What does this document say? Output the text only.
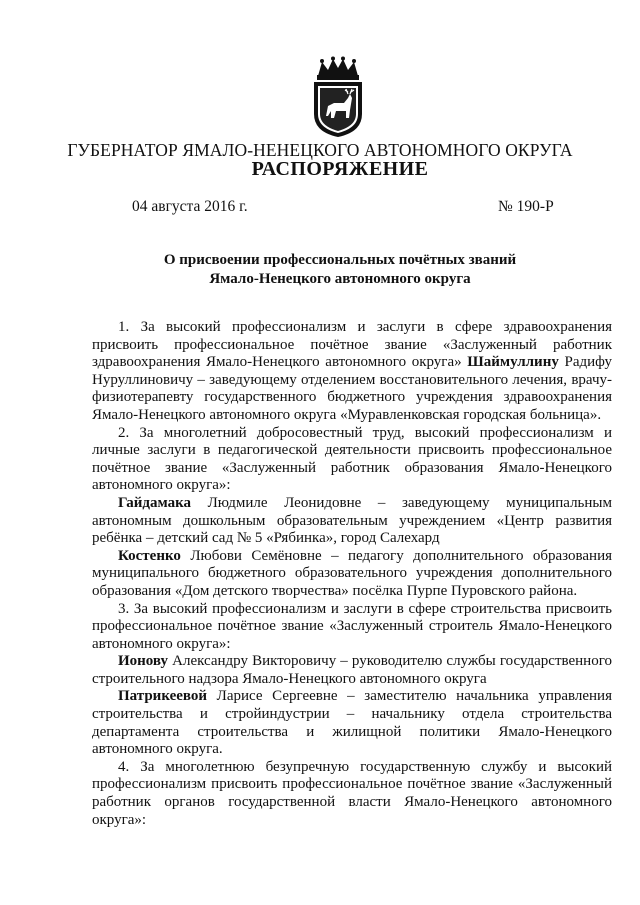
ГУБЕРНАТОР ЯМАЛО-НЕНЕЦКОГО АВТОНОМНОГО ОКРУГА
РАСПОРЯЖЕНИЕ
04 августа 2016 г.	№ 190-Р
О присвоении профессиональных почётных званий
Ямало-Ненецкого автономного округа

1. За высокий профессионализм и заслуги в сфере здравоохранения присвоить профессиональное почётное звание «Заслуженный работник здравоохранения Ямало-Ненецкого автономного округа» Шаймуллину Радифу Нуруллиновичу – заведующему отделением восстановительного лечения, врачу-физиотерапевту государственного бюджетного учреждения здравоохранения Ямало-Ненецкого автономного округа «Муравленковская городская больница».

2. За многолетний добросовестный труд, высокий профессионализм и личные заслуги в педагогической деятельности присвоить профессиональное почётное звание «Заслуженный работник образования Ямало-Ненецкого автономного округа»:

Гайдамака Людмиле Леонидовне – заведующему муниципальным автономным дошкольным образовательным учреждением «Центр развития ребёнка – детский сад № 5 «Рябинка», город Салехард

Костенко Любови Семёновне – педагогу дополнительного образования муниципального бюджетного образовательного учреждения дополнительного образования «Дом детского творчества» посёлка Пурпе Пуровского района.

3. За высокий профессионализм и заслуги в сфере строительства присвоить профессиональное почётное звание «Заслуженный строитель Ямало-Ненецкого автономного округа»:

Ионову Александру Викторовичу – руководителю службы государственного строительного надзора Ямало-Ненецкого автономного округа

Патрикеевой Ларисе Сергеевне – заместителю начальника управления строительства и стройиндустрии – начальнику отдела строительства департамента строительства и жилищной политики Ямало-Ненецкого автономного округа.

4. За многолетнюю безупречную государственную службу и высокий профессионализм присвоить профессиональное почётное звание «Заслуженный работник органов государственной власти Ямало-Ненецкого автономного округа»:
